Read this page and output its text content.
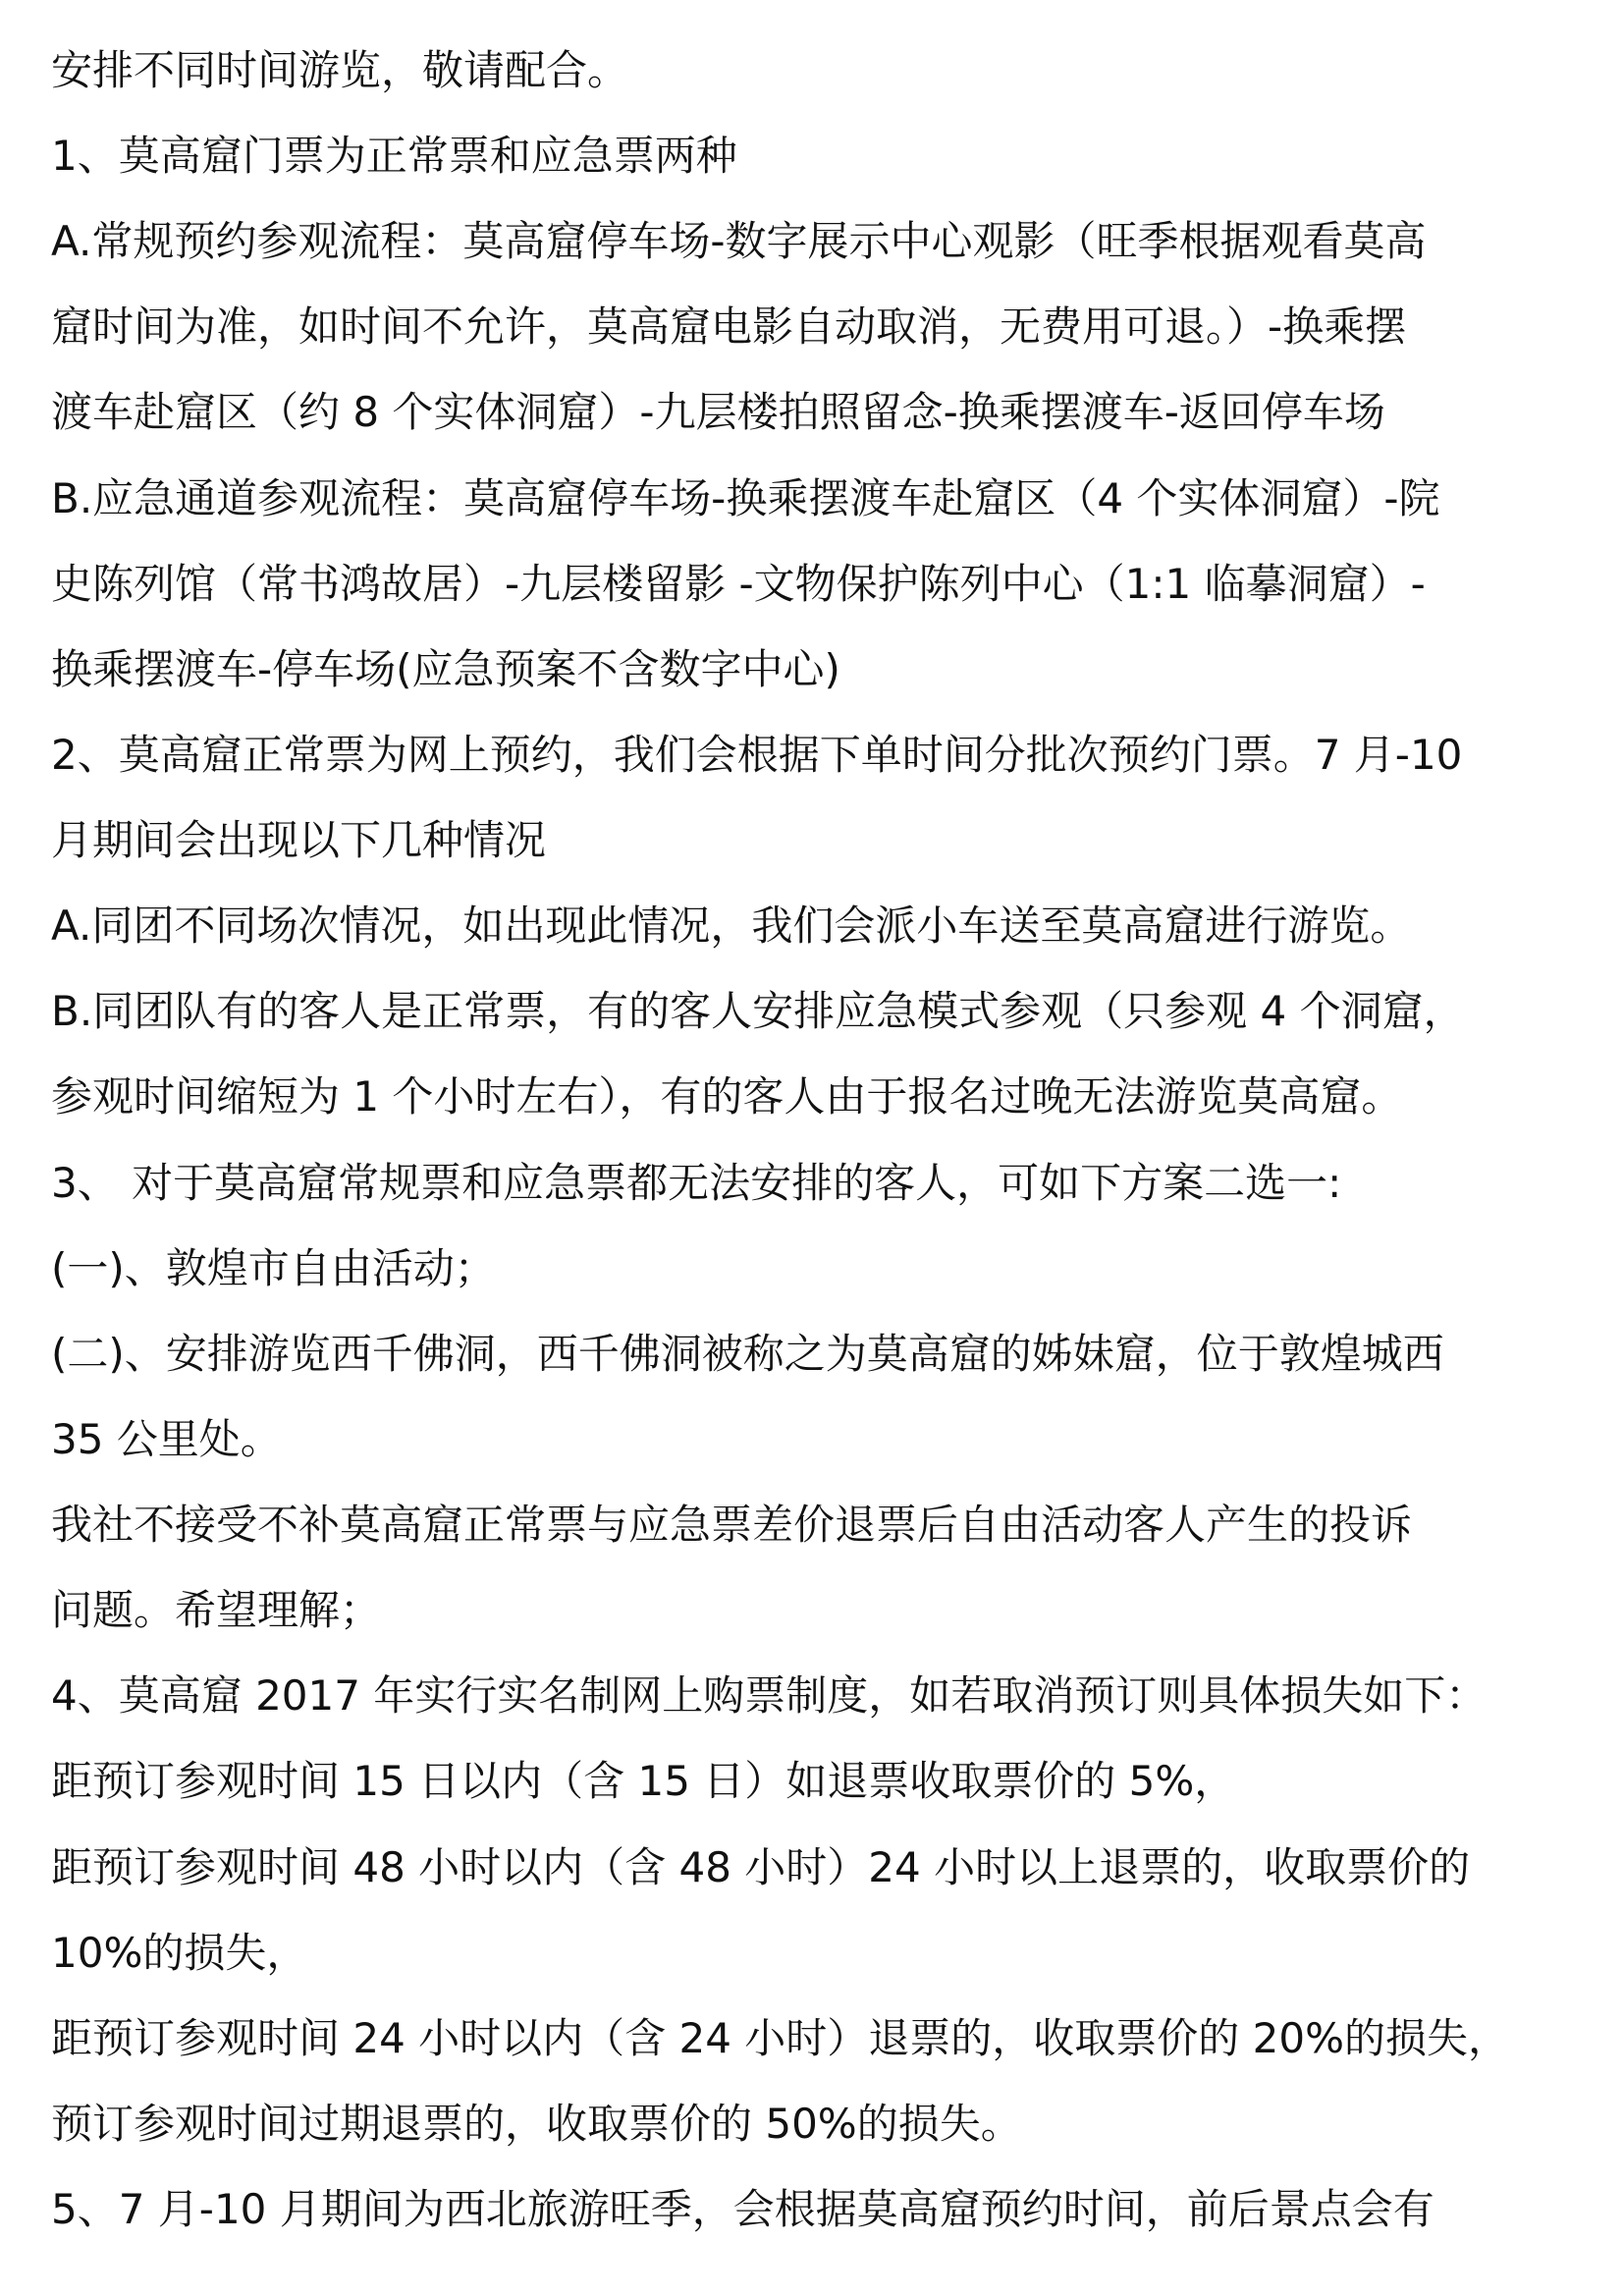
安排不同时间游览，敬请配合。
1、莫高窟门票为正常票和应急票两种
A.常规预约参观流程：莫高窟停车场-数字展示中心观影（旺季根据观看莫高
窟时间为准，如时间不允许，莫高窟电影自动取消，无费用可退。）-换乘摆
渡车赴窟区（约 8 个实体洞窟）-九层楼拍照留念-换乘摆渡车-返回停车场
B.应急通道参观流程：莫高窟停车场-换乘摆渡车赴窟区（4 个实体洞窟）-院
史陈列馆（常书鸿故居）-九层楼留影 -文物保护陈列中心（1:1 临摹洞窟）-
换乘摆渡车-停车场(应急预案不含数字中心)
2、莫高窟正常票为网上预约，我们会根据下单时间分批次预约门票。7 月-10
月期间会出现以下几种情况
A.同团不同场次情况，如出现此情况，我们会派小车送至莫高窟进行游览。
B.同团队有的客人是正常票，有的客人安排应急模式参观（只参观 4 个洞窟，
参观时间缩短为 1 个小时左右），有的客人由于报名过晚无法游览莫高窟。
3、 对于莫高窟常规票和应急票都无法安排的客人，可如下方案二选一:
(一)、敦煌市自由活动；
(二)、安排游览西千佛洞，西千佛洞被称之为莫高窟的姊妹窟，位于敦煌城西
35 公里处。
我社不接受不补莫高窟正常票与应急票差价退票后自由活动客人产生的投诉
问题。希望理解；
4、莫高窟 2017 年实行实名制网上购票制度，如若取消预订则具体损失如下：
距预订参观时间 15 日以内（含 15 日）如退票收取票价的 5%，
距预订参观时间 48 小时以内（含 48 小时）24 小时以上退票的，收取票价的
10%的损失，
距预订参观时间 24 小时以内（含 24 小时）退票的，收取票价的 20%的损失，
预订参观时间过期退票的，收取票价的 50%的损失。
5、7 月-10 月期间为西北旅游旺季，会根据莫高窟预约时间，前后景点会有
